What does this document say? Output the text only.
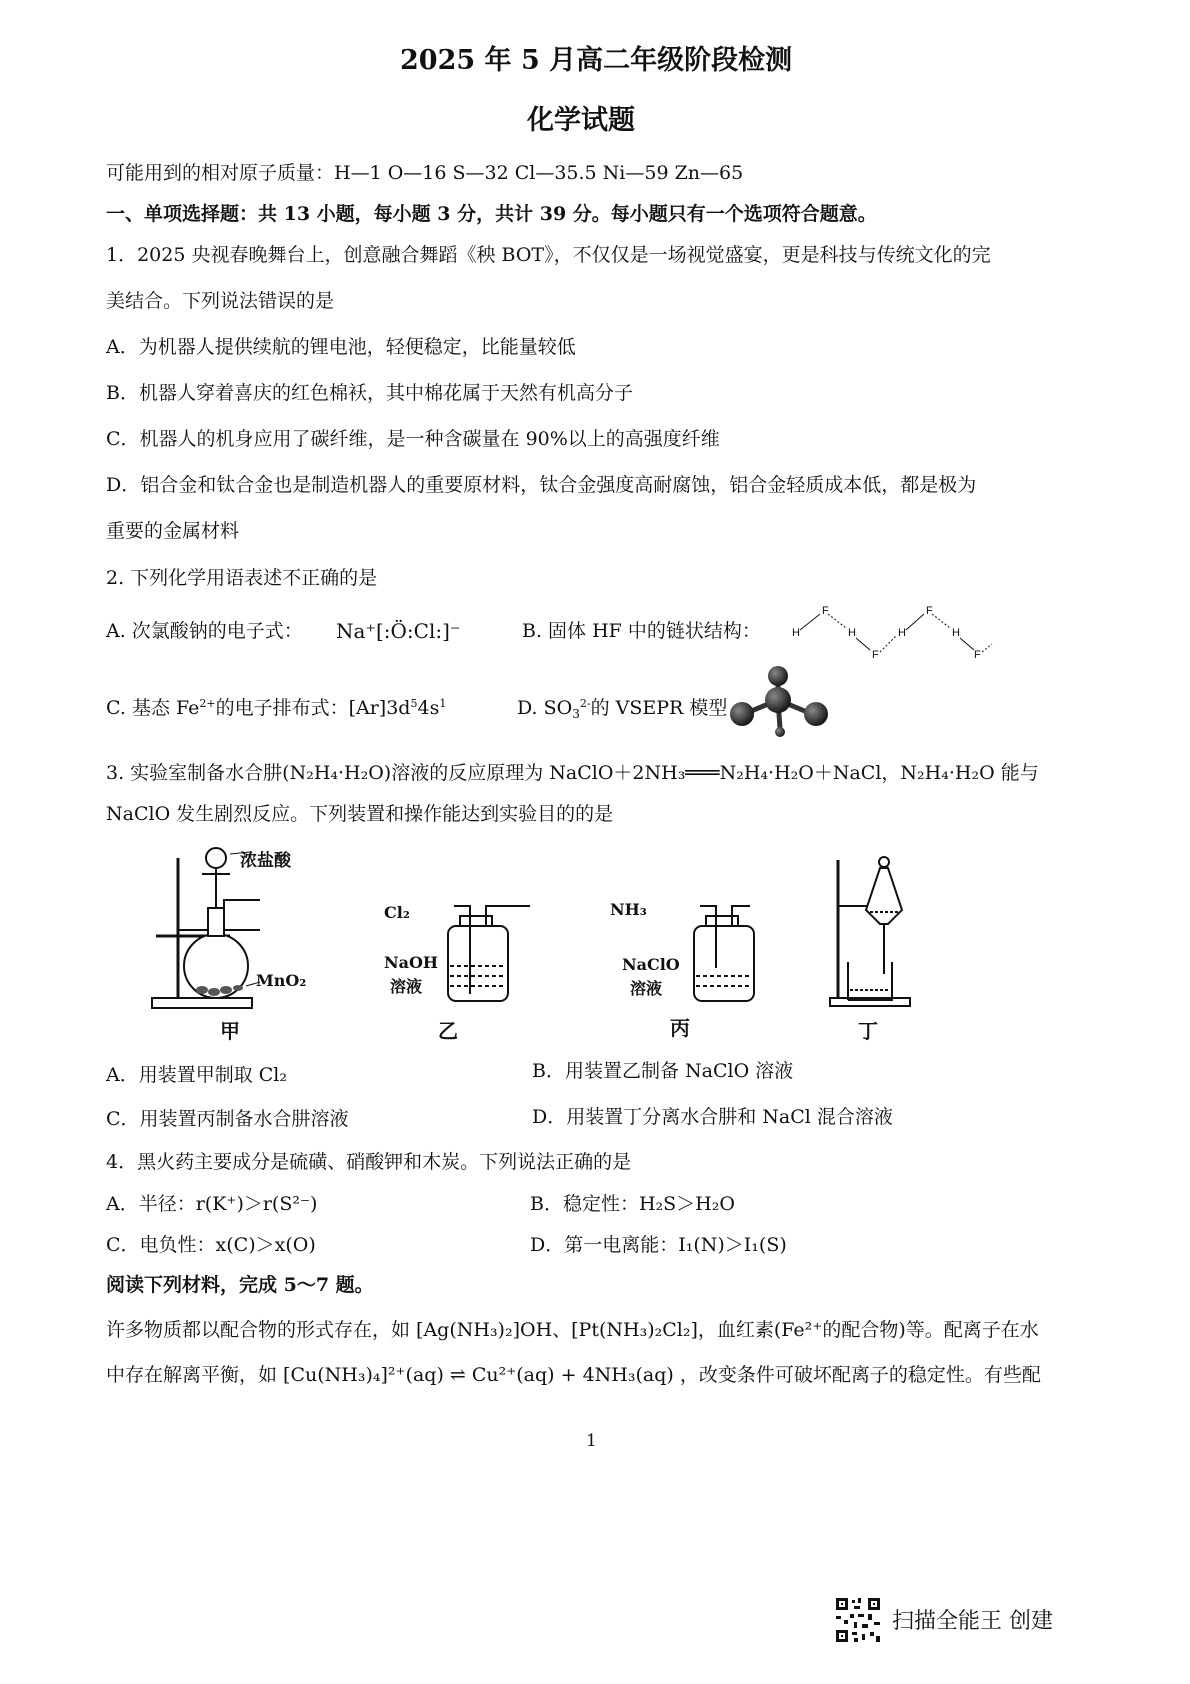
2025 年 5 月高二年级阶段检测
化学试题
可能用到的相对原子质量：H—1 O—16 S—32 Cl—35.5 Ni—59 Zn—65
一、单项选择题：共 13 小题，每小题 3 分，共计 39 分。每小题只有一个选项符合题意。
1．2025 央视春晚舞台上，创意融合舞蹈《秧 BOT》，不仅仅是一场视觉盛宴，更是科技与传统文化的完
美结合。下列说法错误的是
A．为机器人提供续航的锂电池，轻便稳定，比能量较低
B．机器人穿着喜庆的红色棉袄，其中棉花属于天然有机高分子
C．机器人的机身应用了碳纤维，是一种含碳量在 90%以上的高强度纤维
D．铝合金和钛合金也是制造机器人的重要原材料，钛合金强度高耐腐蚀，铝合金轻质成本低，都是极为
重要的金属材料
2. 下列化学用语表述不正确的是
A. 次氯酸钠的电子式： Na⁺[:Ö:Cl:]⁻	B. 固体 HF 中的链状结构：	H
F
H	H
F
H
F	F
C. 基态 $Fe^{2+}$的电子排布式：$[Ar]3d^54s^1$	D. $SO_3^{2-}$的 VSEPR 模型
3. 实验室制备水合肼(N₂H₄·H₂O)溶液的反应原理为 NaClO＋2NH₃═══N₂H₄·H₂O＋NaCl，N₂H₄·H₂O 能与
NaClO 发生剧烈反应。下列装置和操作能达到实验目的的是
浓盐酸
MnO₂
甲
Cl₂
NaOH
溶液
乙
NH₃
NaClO
溶液
丙	丁
A．用装置甲制取 Cl₂	B．用装置乙制备 NaClO 溶液
C．用装置丙制备水合肼溶液	D．用装置丁分离水合肼和 NaCl 混合溶液
4．黑火药主要成分是硫磺、硝酸钾和木炭。下列说法正确的是
A．半径：r(K⁺)＞r(S²⁻)	B．稳定性：H₂S＞H₂O
C．电负性：x(C)＞x(O)	D．第一电离能：I₁(N)＞I₁(S)
阅读下列材料，完成 5～7 题。
许多物质都以配合物的形式存在，如 [Ag(NH₃)₂]OH、[Pt(NH₃)₂Cl₂]，血红素(Fe²⁺的配合物)等。配离子在水
中存在解离平衡，如 [Cu(NH₃)₄]²⁺(aq) ⇌ Cu²⁺(aq) + 4NH₃(aq) ，改变条件可破坏配离子的稳定性。有些配
1
扫描全能王 创建
